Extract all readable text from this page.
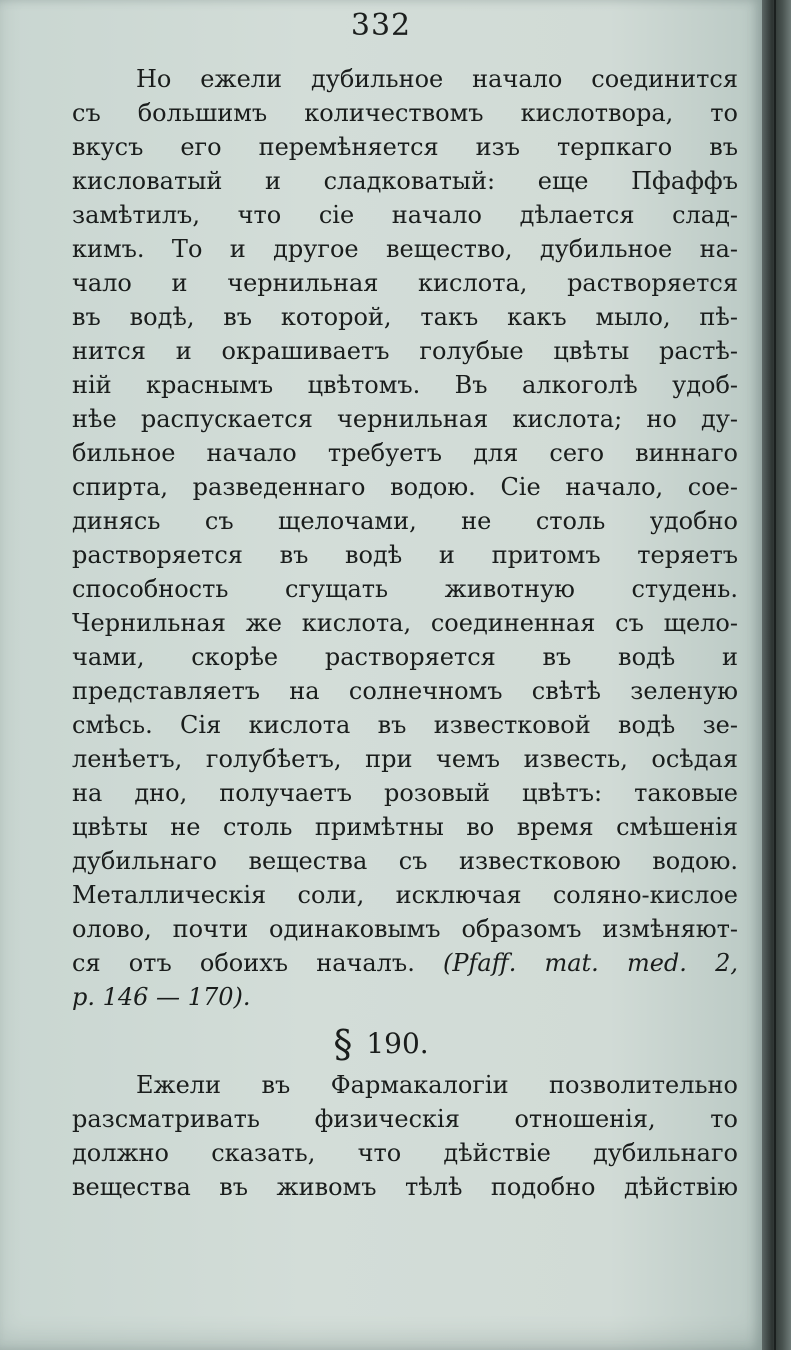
332
Но ежели дубильное начало соединится
съ большимъ количествомъ кислотвора, то
вкусъ его перемѣняется изъ терпкаго въ
кисловатый и сладковатый: еще Пфаффъ
замѣтилъ, что сіе начало дѣлается слад-
кимъ. То и другое вещество, дубильное на-
чало и чернильная кислота, растворяется
въ водѣ, въ которой, такъ какъ мыло, пѣ-
нится и окрашиваетъ голубые цвѣты растѣ-
ній краснымъ цвѣтомъ. Въ алкоголѣ удоб-
нѣе распускается чернильная кислота; но ду-
бильное начало требуетъ для сего виннаго
спирта, разведеннаго водою. Сіе начало, сое-
динясь съ щелочами, не столь удобно
растворяется въ водѣ и притомъ теряетъ
способность сгущать животную студень.
Чернильная же кислота, соединенная съ щело-
чами, скорѣе растворяется въ водѣ и
представляетъ на солнечномъ свѣтѣ зеленую
смѣсь. Сія кислота въ известковой водѣ зе-
ленѣетъ, голубѣетъ, при чемъ известь, осѣдая
на дно, получаетъ розовый цвѣтъ: таковые
цвѣты не столь примѣтны во время смѣшенія
дубильнаго вещества съ известковою водою.
Металлическія соли, исключая соляно-кислое
олово, почти одинаковымъ образомъ измѣняют-
ся отъ обоихъ началъ. (Pfaff. mat. med. 2,
p. 146 — 170).
§ 190.
Ежели въ Фармакалогіи позволительно
разсматривать физическія отношенія, то
должно сказать, что дѣйствіе дубильнаго
вещества въ живомъ тѣлѣ подобно дѣйствію
